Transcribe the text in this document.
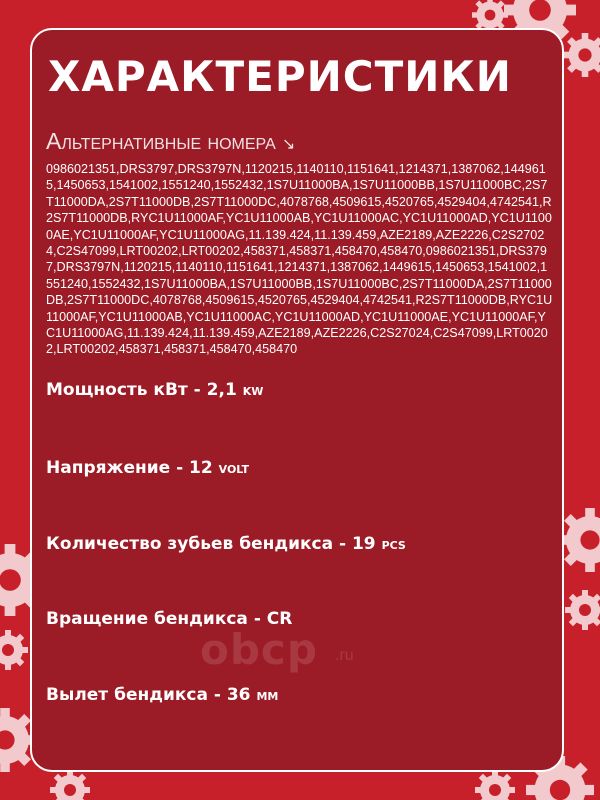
ХАРАКТЕРИСТИКИ
Альтернативные номера ↘

0986021351,DRS3797,DRS3797N,1120215,1140110,1151641,1214371,1387062,1449615,1450653,1541002,1551240,1552432,1S7U11000BA,1S7U11000BB,1S7U11000BC,2S7T11000DA,2S7T11000DB,2S7T11000DC,4078768,4509615,4520765,4529404,4742541,R2S7T11000DB,RYC1U11000AF,YC1U11000AB,YC1U11000AC,YC1U11000AD,YC1U11000AE,YC1U11000AF,YC1U11000AG,11.139.424,11.139.459,AZE2189,AZE2226,C2S27024,C2S47099,LRT00202,LRT00202,458371,458371,458470,458470,0986021351,DRS3797,DRS3797N,1120215,1140110,1151641,1214371,1387062,1449615,1450653,1541002,1551240,1552432,1S7U11000BA,1S7U11000BB,1S7U11000BC,2S7T11000DA,2S7T11000DB,2S7T11000DC,4078768,4509615,4520765,4529404,4742541,R2S7T11000DB,RYC1U11000AF,YC1U11000AB,YC1U11000AC,YC1U11000AD,YC1U11000AE,YC1U11000AF,YC1U11000AG,11.139.424,11.139.459,AZE2189,AZE2226,C2S27024,C2S47099,LRT00202,LRT00202,458371,458371,458470,458470

Мощность кВт - 2,1 kw
Напряжение - 12 volt
Количество зубьев бендикса - 19 pcs
Вращение бендикса - CR
Вылет бендикса - 36 мм
obcp .ru
